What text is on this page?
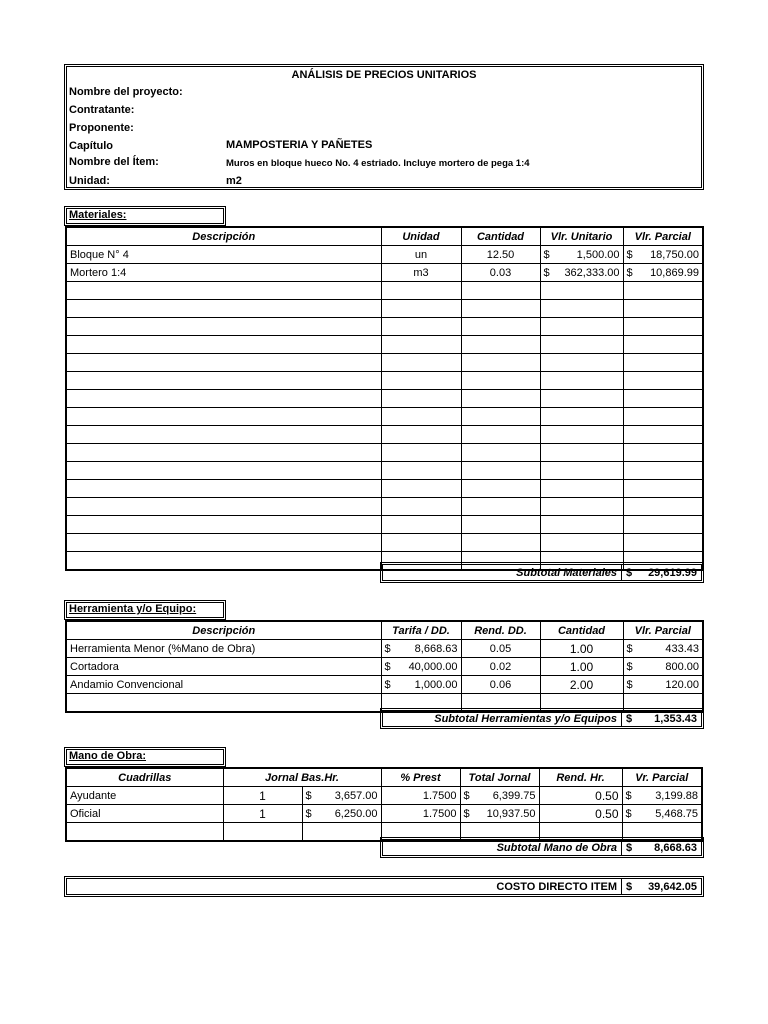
ANÁLISIS DE PRECIOS UNITARIOS
Nombre del proyecto:
Contratante:
Proponente:
Capítulo	MAMPOSTERIA Y PAÑETES
Nombre del Ítem:	Muros en bloque hueco No. 4 estriado. Incluye mortero de pega 1:4
Unidad:	m2
Materiales:
Descripción	Unidad	Cantidad	Vlr. Unitario	Vlr. Parcial
Bloque N° 4	un	12.50	$ 1,500.00	$ 18,750.00

Mortero 1:4	m3	0.03	$ 362,333.00	$ 10,869.99

Subtotal Materiales $ 29,619.99
Herramienta y/o Equipo:
Descripción	Tarifa / DD.	Rend. DD.	Cantidad	Vlr. Parcial
Herramienta Menor (%Mano de Obra)	$ 8,668.63	0.05	1.00	$ 433.43

Cortadora	$ 40,000.00	0.02	1.00	$ 800.00

Andamio Convencional	$ 1,000.00	0.06	2.00	$ 120.00

Subtotal Herramientas y/o Equipos $ 1,353.43
Mano de Obra:
Cuadrillas	Jornal Bas.Hr.		% Prest	Total Jornal	Rend. Hr.	Vr. Parcial
Ayudante	1	$ 3,657.00	1.7500	$ 6,399.75	0.50	$ 3,199.88

Oficial	1	$ 6,250.00	1.7500	$ 10,937.50	0.50	$ 5,468.75

Subtotal Mano de Obra $ 8,668.63
COSTO DIRECTO ITEM $ 39,642.05
